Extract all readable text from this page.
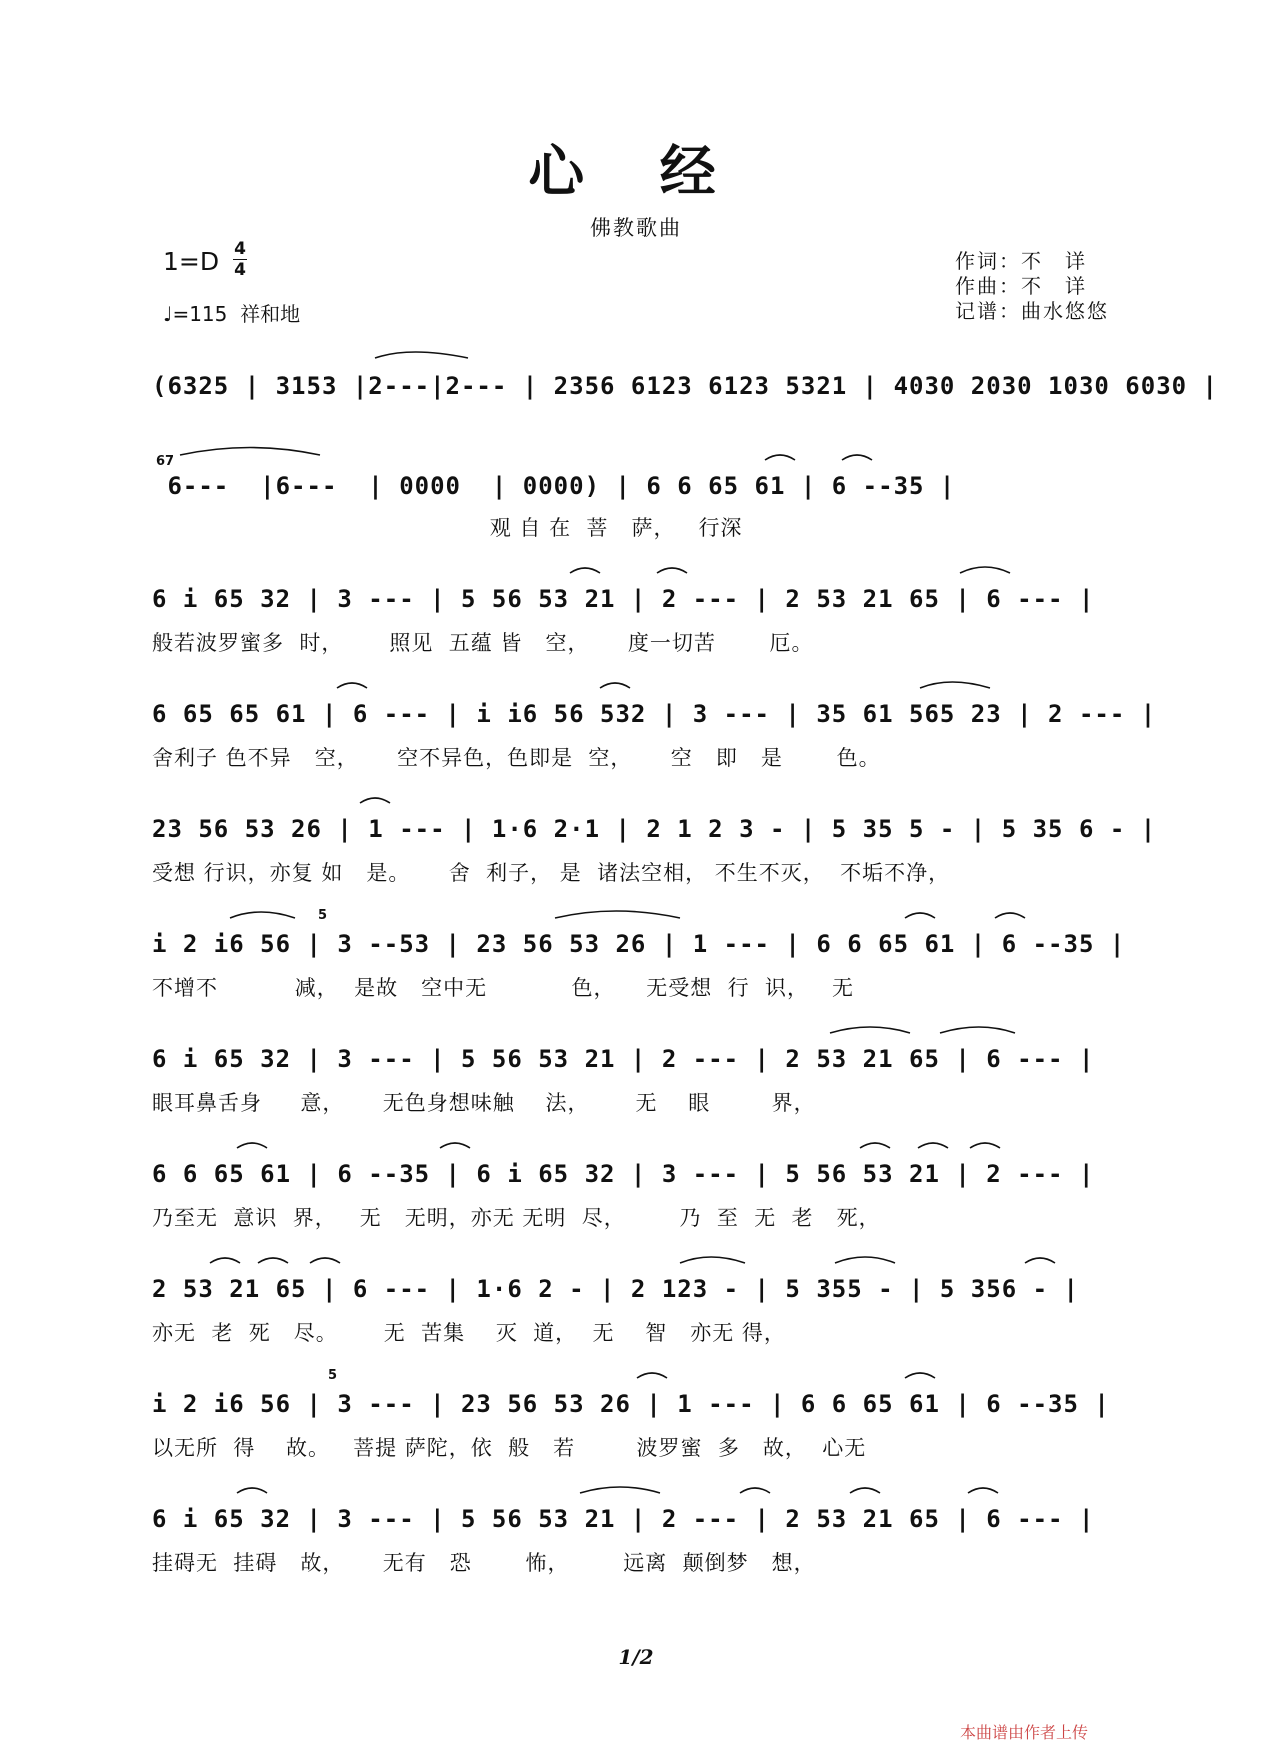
心 经
佛教歌曲
1=D 4
4
♩=115 祥和地
作词：不　详
作曲：不　详
记谱：曲水悠悠
(6325 | 3153 |2---|2--- | 2356 6123 6123 5321 | 4030 2030 1030 6030 |
67
6---  |6---  | 0000  | 0000) | 6 6 65 61 | 6 --35 |
观 自 在  菩   萨，   行深
6 i 65 32 | 3 --- | 5 56 53 21 | 2 --- | 2 53 21 65 | 6 --- |
般若波罗蜜多  时，      照见  五蕴 皆   空，     度一切苦       厄。
6 65 65 61 | 6 --- | i i6 56 532 | 3 --- | 35 61 565 23 | 2 --- |
舍利子 色不异   空，     空不异色，色即是  空，     空   即   是       色。
23 56 53 26 | 1 --- | 1·6 2·1 | 2 1 2 3 - | 5 35 5 - | 5 35 6 - |
受想 行识，亦复 如   是。     舍  利子， 是  诸法空相， 不生不灭，  不垢不净，
5
i 2 i6 56 | 3 --53 | 23 56 53 26 | 1 --- | 6 6 65 61 | 6 --35 |
不增不          减，  是故   空中无           色，    无受想  行  识，   无
6 i 65 32 | 3 --- | 5 56 53 21 | 2 --- | 2 53 21 65 | 6 --- |
眼耳鼻舌身     意，     无色身想味触    法，      无    眼        界，
6 6 65 61 | 6 --35 | 6 i 65 32 | 3 --- | 5 56 53 21 | 2 --- |
乃至无  意识  界，   无   无明，亦无 无明  尽，       乃  至  无  老   死，
2 53 21 65 | 6 --- | 1·6 2 - | 2 123 - | 5 355 - | 5 356 - |
亦无  老  死   尽。      无  苦集    灭  道，  无    智   亦无 得，
5
i 2 i6 56 | 3 --- | 23 56 53 26 | 1 --- | 6 6 65 61 | 6 --35 |
以无所  得    故。   菩提 萨陀，依  般   若        波罗蜜  多   故，  心无
6 i 65 32 | 3 --- | 5 56 53 21 | 2 --- | 2 53 21 65 | 6 --- |
挂碍无  挂碍   故，     无有   恐       怖，       远离  颠倒梦   想，
1/2
本曲谱由作者上传
